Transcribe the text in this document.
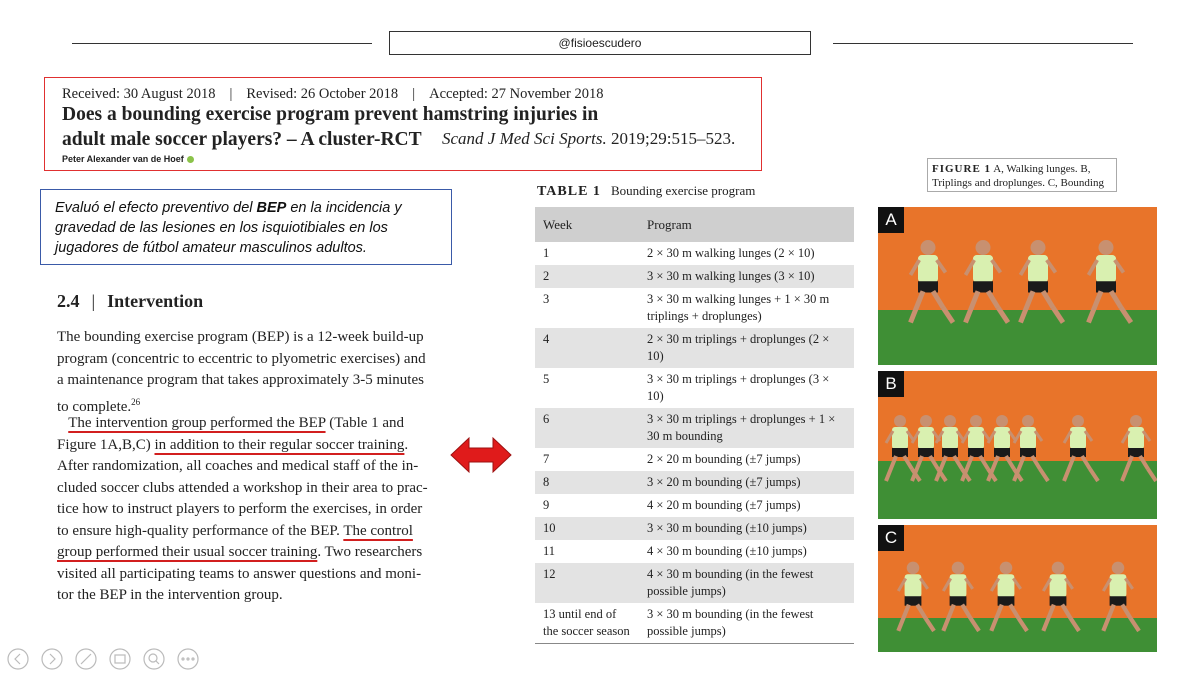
@fisioescudero
Received: 30 August 2018 | Revised: 26 October 2018 | Accepted: 27 November 2018
Does a bounding exercise program prevent hamstring injuries in
adult male soccer players? – A cluster-RCT Scand J Med Sci Sports. 2019;29:515–523.
Peter Alexander van de Hoef
Evaluó el efecto preventivo del BEP en la incidencia y gravedad de las lesiones en los isquiotibiales en los jugadores de fútbol amateur masculinos adultos.
2.4 | Intervention
The bounding exercise program (BEP) is a 12-week build-up
program (concentric to eccentric to plyometric exercises) and
a maintenance program that takes approximately 3-5 minutes
to complete.$^{26}$
The intervention group performed the BEP (Table 1 and
Figure 1A,B,C) in addition to their regular soccer training.
After randomization, all coaches and medical staff of the in-
cluded soccer clubs attended a workshop in their area to prac-
tice how to instruct players to perform the exercises, in order
to ensure high-quality performance of the BEP. The control
group performed their usual soccer training. Two researchers
visited all participating teams to answer questions and moni-
tor the BEP in the intervention group.
TABLE 1 Bounding exercise program
Week	Program
1	2 × 30 m walking lunges (2 × 10)
2	3 × 30 m walking lunges (3 × 10)
3	3 × 30 m walking lunges + 1 × 30 m triplings + droplunges)
4	2 × 30 m triplings + droplunges (2 × 10)
5	3 × 30 m triplings + droplunges (3 × 10)
6	3 × 30 m triplings + droplunges + 1 × 30 m bounding
7	2 × 20 m bounding (±7 jumps)
8	3 × 20 m bounding (±7 jumps)
9	4 × 20 m bounding (±7 jumps)
10	3 × 30 m bounding (±10 jumps)
11	4 × 30 m bounding (±10 jumps)
12	4 × 30 m bounding (in the fewest possible jumps)
13 until end of the soccer season	3 × 30 m bounding (in the fewest possible jumps)
FIGURE 1 A, Walking lunges. B, Triplings and droplunges. C, Bounding
A
B
C
